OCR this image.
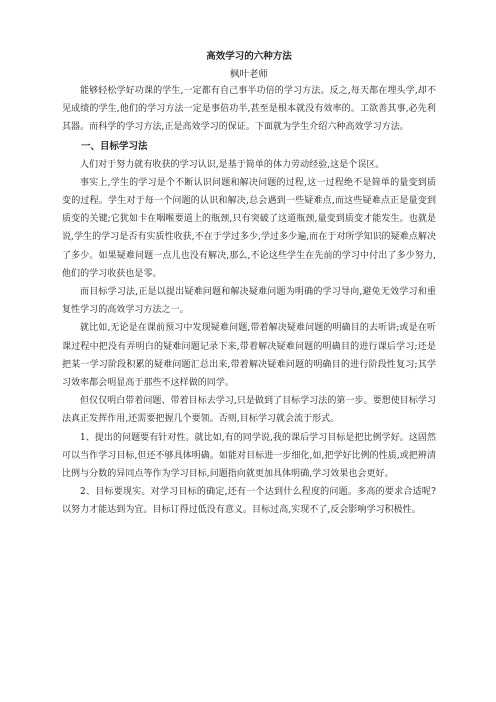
高效学习的六种方法

枫叶老师

能够轻松学好功课的学生,一定都有自己事半功倍的学习方法。反之,每天都在埋头学,却不见成绩的学生,他们的学习方法一定是事倍功半,甚至是根本就没有效率的。工欲善其事,必先利其器。而科学的学习方法,正是高效学习的保证。下面就为学生介绍六种高效学习方法。

一、目标学习法

人们对于努力就有收获的学习认识,是基于简单的体力劳动经验,这是个误区。

事实上,学生的学习是个不断认识问题和解决问题的过程,这一过程绝不是简单的量变到质变的过程。学生对于每一个问题的认识和解决,总会遇到一些疑难点,而这些疑难点正是量变到质变的关键;它犹如卡在咽喉要道上的瓶颈,只有突破了这道瓶颈,量变到质变才能发生。也就是说,学生的学习是否有实质性收获,不在于学过多少,学过多少遍,而在于对所学知识的疑难点解决了多少。如果疑难问题一点儿也没有解决,那么,不论这些学生在先前的学习中付出了多少努力,他们的学习收获也是零。

而目标学习法,正是以提出疑难问题和解决疑难问题为明确的学习导向,避免无效学习和重复性学习的高效学习方法之一。

就比如,无论是在课前预习中发现疑难问题,带着解决疑难问题的明确目的去听讲;或是在听课过程中把没有弄明白的疑难问题记录下来,带着解决疑难问题的明确目的进行课后学习;还是把某一学习阶段积累的疑难问题汇总出来,带着解决疑难问题的明确目的进行阶段性复习;其学习效率都会明显高于那些不这样做的同学。

但仅仅明白带着问题、带着目标去学习,只是做到了目标学习法的第一步。要想使目标学习法真正发挥作用,还需要把握几个要领。否则,目标学习就会流于形式。

1、提出的问题要有针对性。就比如,有的同学说,我的课后学习目标是把比例学好。这固然可以当作学习目标,但还不够具体明确。如能对目标进一步细化,如,把学好比例的性质,或把辨清比例与分数的异同点等作为学习目标,问题指向就更加具体明确,学习效果也会更好。

2、目标要现实。对学习目标的确定,还有一个达到什么程度的问题。多高的要求合适呢?以努力才能达到为宜。目标订得过低没有意义。目标过高,实现不了,反会影响学习积极性。
